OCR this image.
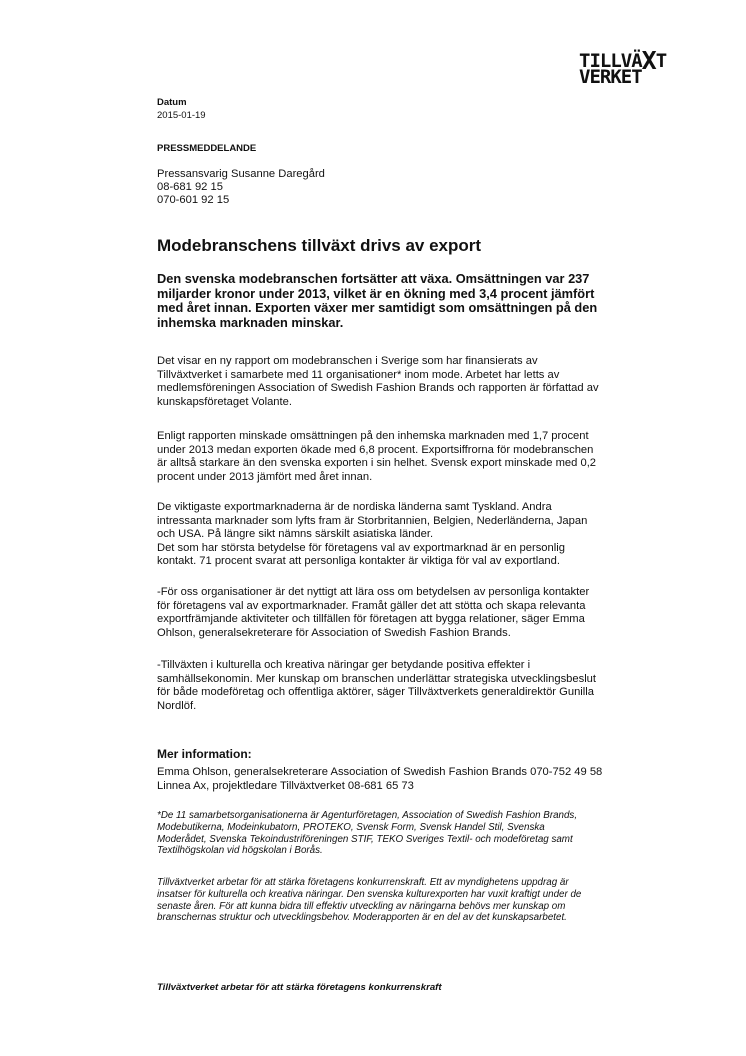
TILLVÄXT
VERKET
Datum
2015-01-19
PRESSMEDDELANDE
Pressansvarig Susanne Daregård
08-681 92 15
070-601 92 15
Modebranschens tillväxt drivs av export
Den svenska modebranschen fortsätter att växa. Omsättningen var 237
miljarder kronor under 2013, vilket är en ökning med 3,4 procent jämfört
med året innan. Exporten växer mer samtidigt som omsättningen på den
inhemska marknaden minskar.
Det visar en ny rapport om modebranschen i Sverige som har finansierats av
Tillväxtverket i samarbete med 11 organisationer* inom mode. Arbetet har letts av
medlemsföreningen Association of Swedish Fashion Brands och rapporten är författad av
kunskapsföretaget Volante.
Enligt rapporten minskade omsättningen på den inhemska marknaden med 1,7 procent
under 2013 medan exporten ökade med 6,8 procent. Exportsiffrorna för modebranschen
är alltså starkare än den svenska exporten i sin helhet. Svensk export minskade med 0,2
procent under 2013 jämfört med året innan.
De viktigaste exportmarknaderna är de nordiska länderna samt Tyskland. Andra
intressanta marknader som lyfts fram är Storbritannien, Belgien, Nederländerna, Japan
och USA. På längre sikt nämns särskilt asiatiska länder.
Det som har största betydelse för företagens val av exportmarknad är en personlig
kontakt. 71 procent svarat att personliga kontakter är viktiga för val av exportland.
-För oss organisationer är det nyttigt att lära oss om betydelsen av personliga kontakter
för företagens val av exportmarknader. Framåt gäller det att stötta och skapa relevanta
exportfrämjande aktiviteter och tillfällen för företagen att bygga relationer, säger Emma
Ohlson, generalsekreterare för Association of Swedish Fashion Brands.
-Tillväxten i kulturella och kreativa näringar ger betydande positiva effekter i
samhällsekonomin. Mer kunskap om branschen underlättar strategiska utvecklingsbeslut
för både modeföretag och offentliga aktörer, säger Tillväxtverkets generaldirektör Gunilla
Nordlöf.
Mer information:
Emma Ohlson, generalsekreterare Association of Swedish Fashion Brands 070-752 49 58
Linnea Ax, projektledare Tillväxtverket 08-681 65 73
*De 11 samarbetsorganisationerna är Agenturföretagen, Association of Swedish Fashion Brands,
Modebutikerna, Modeinkubatorn, PROTEKO, Svensk Form, Svensk Handel Stil, Svenska
Moderådet, Svenska Tekoindustriföreningen STIF, TEKO Sveriges Textil- och modeföretag samt
Textilhögskolan vid högskolan i Borås.
Tillväxtverket arbetar för att stärka företagens konkurrenskraft. Ett av myndighetens uppdrag är
insatser för kulturella och kreativa näringar. Den svenska kulturexporten har vuxit kraftigt under de
senaste åren. För att kunna bidra till effektiv utveckling av näringarna behövs mer kunskap om
branschernas struktur och utvecklingsbehov. Moderapporten är en del av det kunskapsarbetet.
Tillväxtverket arbetar för att stärka företagens konkurrenskraft
